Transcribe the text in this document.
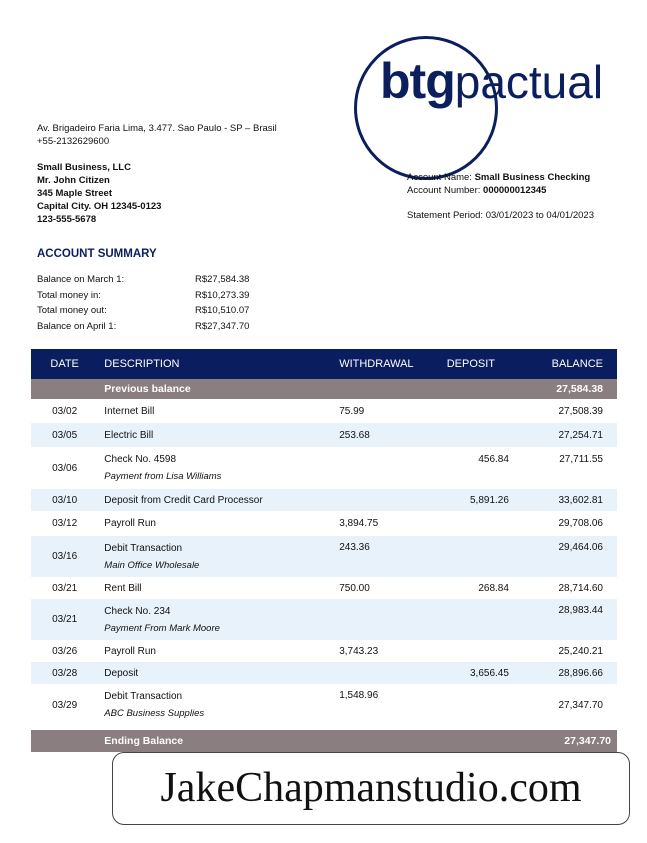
btgpactual
Av. Brigadeiro Faria Lima, 3.477. Sao Paulo - SP – Brasil
+55-2132629600
Small Business, LLC
Mr. John Citizen
345 Maple Street
Capital City. OH 12345-0123
123-555-5678
Account Name: Small Business Checking
Account Number: 000000012345
Statement Period: 03/01/2023 to 04/01/2023
ACCOUNT SUMMARY
Balance on March 1:	R$27,584.38
Total money in:	R$10,273.39
Total money out:	R$10,510.07
Balance on April 1:	R$27,347.70
DATE	DESCRIPTION	WITHDRAWAL	DEPOSIT	BALANCE
	Previous balance			27,584.38
03/02	Internet Bill	75.99		27,508.39
03/05	Electric Bill	253.68		27,254.71
03/06	Check No. 4598
Payment from Lisa Williams		456.84	27,711.55
03/10	Deposit from Credit Card Processor		5,891.26	33,602.81
03/12	Payroll Run	3,894.75		29,708.06
03/16	Debit Transaction
Main Office Wholesale	243.36		29,464.06
03/21	Rent Bill	750.00	268.84	28,714.60
03/21	Check No. 234
Payment From Mark Moore			28,983.44
03/26	Payroll Run	3,743.23		25,240.21
03/28	Deposit		3,656.45	28,896.66
03/29	Debit Transaction
ABC Business Supplies	1,548.96		27,347.70

	Ending Balance			27,347.70
JakeChapmanstudio.com
